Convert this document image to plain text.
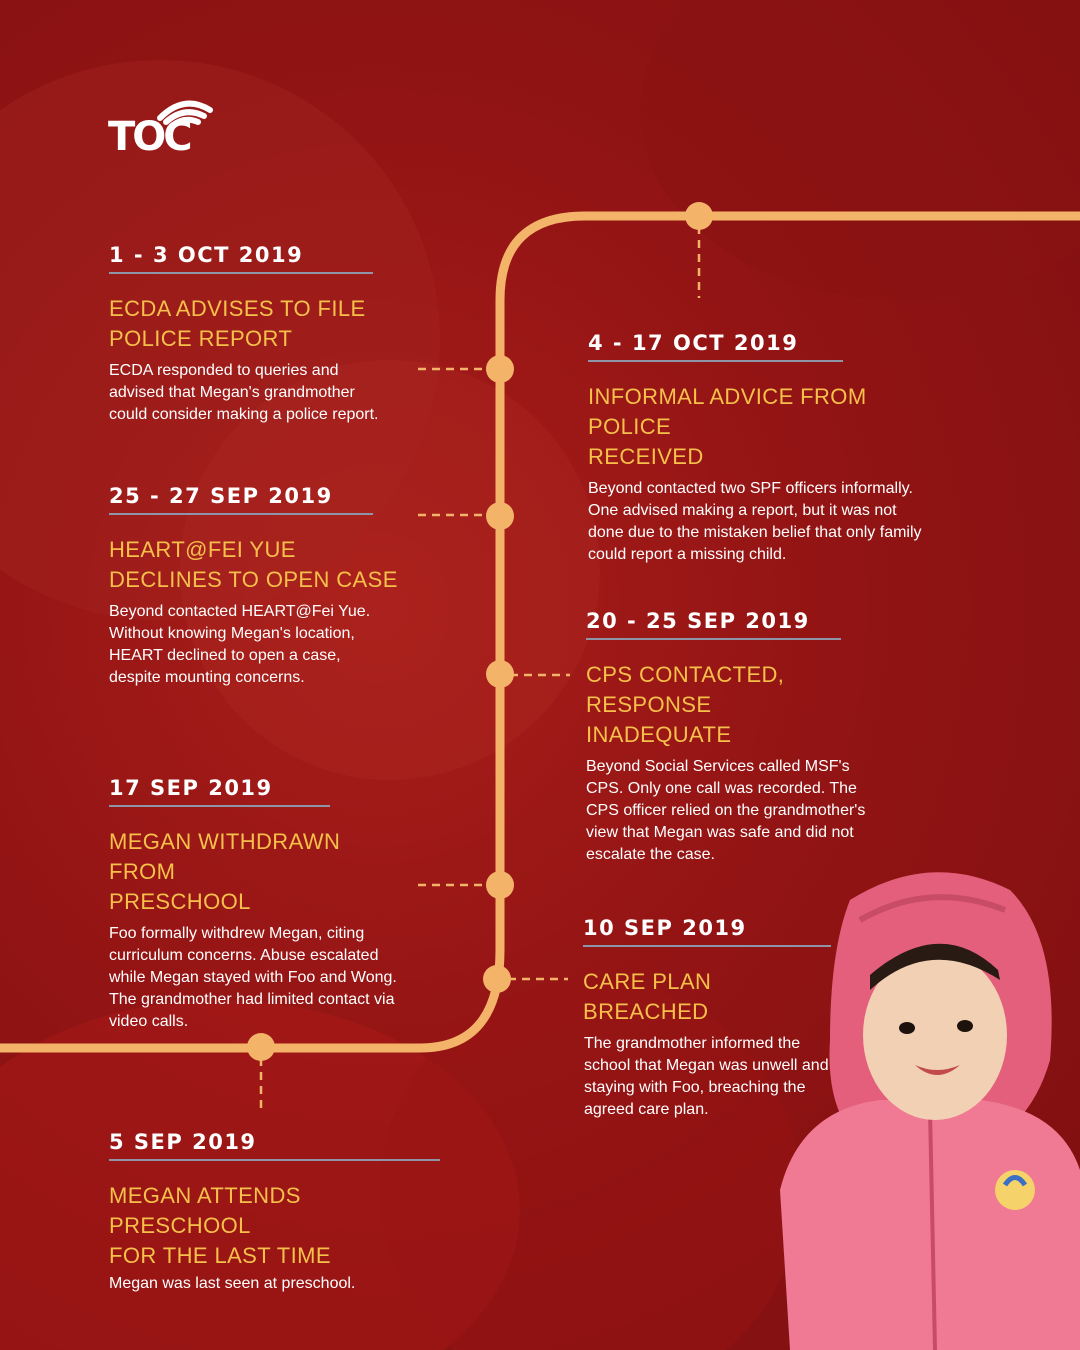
TOC
1 - 3 OCT 2019
ECDA ADVISES TO FILE
POLICE REPORT
ECDA responded to queries and advised that Megan's grandmother could consider making a police report.
4 - 17 OCT 2019
INFORMAL ADVICE FROM POLICE
RECEIVED
Beyond contacted two SPF officers informally. One advised making a report, but it was not done due to the mistaken belief that only family could report a missing child.
25 - 27 SEP 2019
HEART@FEI YUE
DECLINES TO OPEN CASE
Beyond contacted HEART@Fei Yue. Without knowing Megan's location, HEART declined to open a case, despite mounting concerns.
20 - 25 SEP 2019
CPS CONTACTED, RESPONSE
INADEQUATE
Beyond Social Services called MSF's CPS. Only one call was recorded. The CPS officer relied on the grandmother's view that Megan was safe and did not escalate the case.
17 SEP 2019
MEGAN WITHDRAWN FROM
PRESCHOOL
Foo formally withdrew Megan, citing curriculum concerns. Abuse escalated while Megan stayed with Foo and Wong. The grandmother had limited contact via video calls.
10 SEP 2019
CARE PLAN BREACHED
The grandmother informed the school that Megan was unwell and staying with Foo, breaching the agreed care plan.
5 SEP 2019
MEGAN ATTENDS PRESCHOOL
FOR THE LAST TIME
Megan was last seen at preschool.
